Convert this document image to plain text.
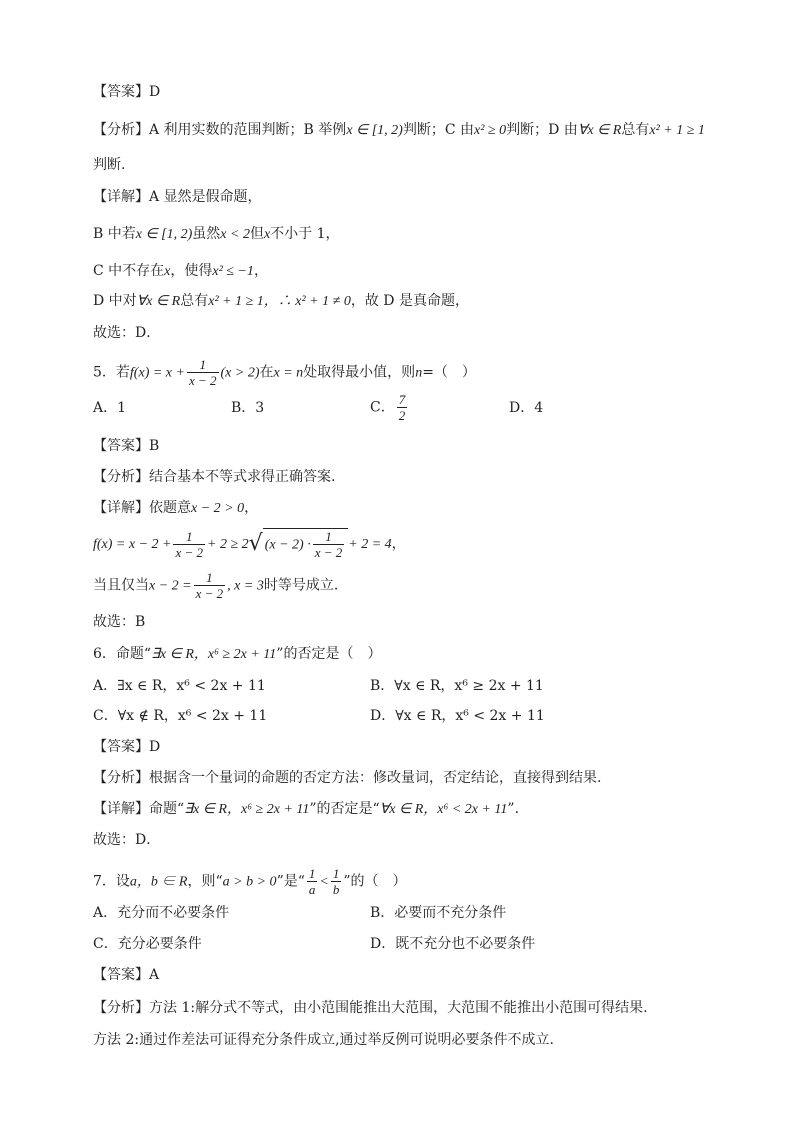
【答案】D
【分析】A 利用实数的范围判断；B 举例x ∈ [1, 2)判断；C 由x² ≥ 0判断；D 由∀x ∈ R总有x² + 1 ≥ 1
判断.
【详解】A 显然是假命题，
B 中若x ∈ [1, 2)虽然x < 2但x不小于 1，
C 中不存在x，使得x² ≤ −1，
D 中对∀x ∈ R总有x² + 1 ≥ 1，∴ x² + 1 ≠ 0，故 D 是真命题，
故选：D．
5．若$f(x) = x + \frac{1}{x - 2} (x > 2)$在x = n处取得最小值，则n=（　）
A．1	B．3	C． $\frac{7}{2}$	D．4
【答案】B
【分析】结合基本不等式求得正确答案.
【详解】依题意x − 2 > 0，
$f(x) = x - 2 + \frac{1}{x - 2} + 2 \ge 2√$ $(x - 2) \cdot \frac{1}{x - 2} + 2 = 4$，
当且仅当$x - 2 = \frac{1}{x - 2}$ , x = 3时等号成立.
故选：B
6．命题“∃x ∈ R，x⁶ ≥ 2x + 11”的否定是（　）
A．∃x ∈ R，x⁶ < 2x + 11	B．∀x ∈ R，x⁶ ≥ 2x + 11
C．∀x ∉ R，x⁶ < 2x + 11	D．∀x ∈ R，x⁶ < 2x + 11
【答案】D
【分析】根据含一个量词的命题的否定方法：修改量词，否定结论，直接得到结果.
【详解】命题“∃x ∈ R，x⁶ ≥ 2x + 11”的否定是“∀x ∈ R，x⁶ < 2x + 11”.
故选：D．
7．设a，b ∈ R，则“a > b > 0”是“ $\frac{1}{a} < \frac{1}{b}$ ”的（　）
A．充分而不必要条件	B．必要而不充分条件
C．充分必要条件	D．既不充分也不必要条件
【答案】A
【分析】方法 1:解分式不等式，由小范围能推出大范围，大范围不能推出小范围可得结果.
方法 2:通过作差法可证得充分条件成立,通过举反例可说明必要条件不成立.
